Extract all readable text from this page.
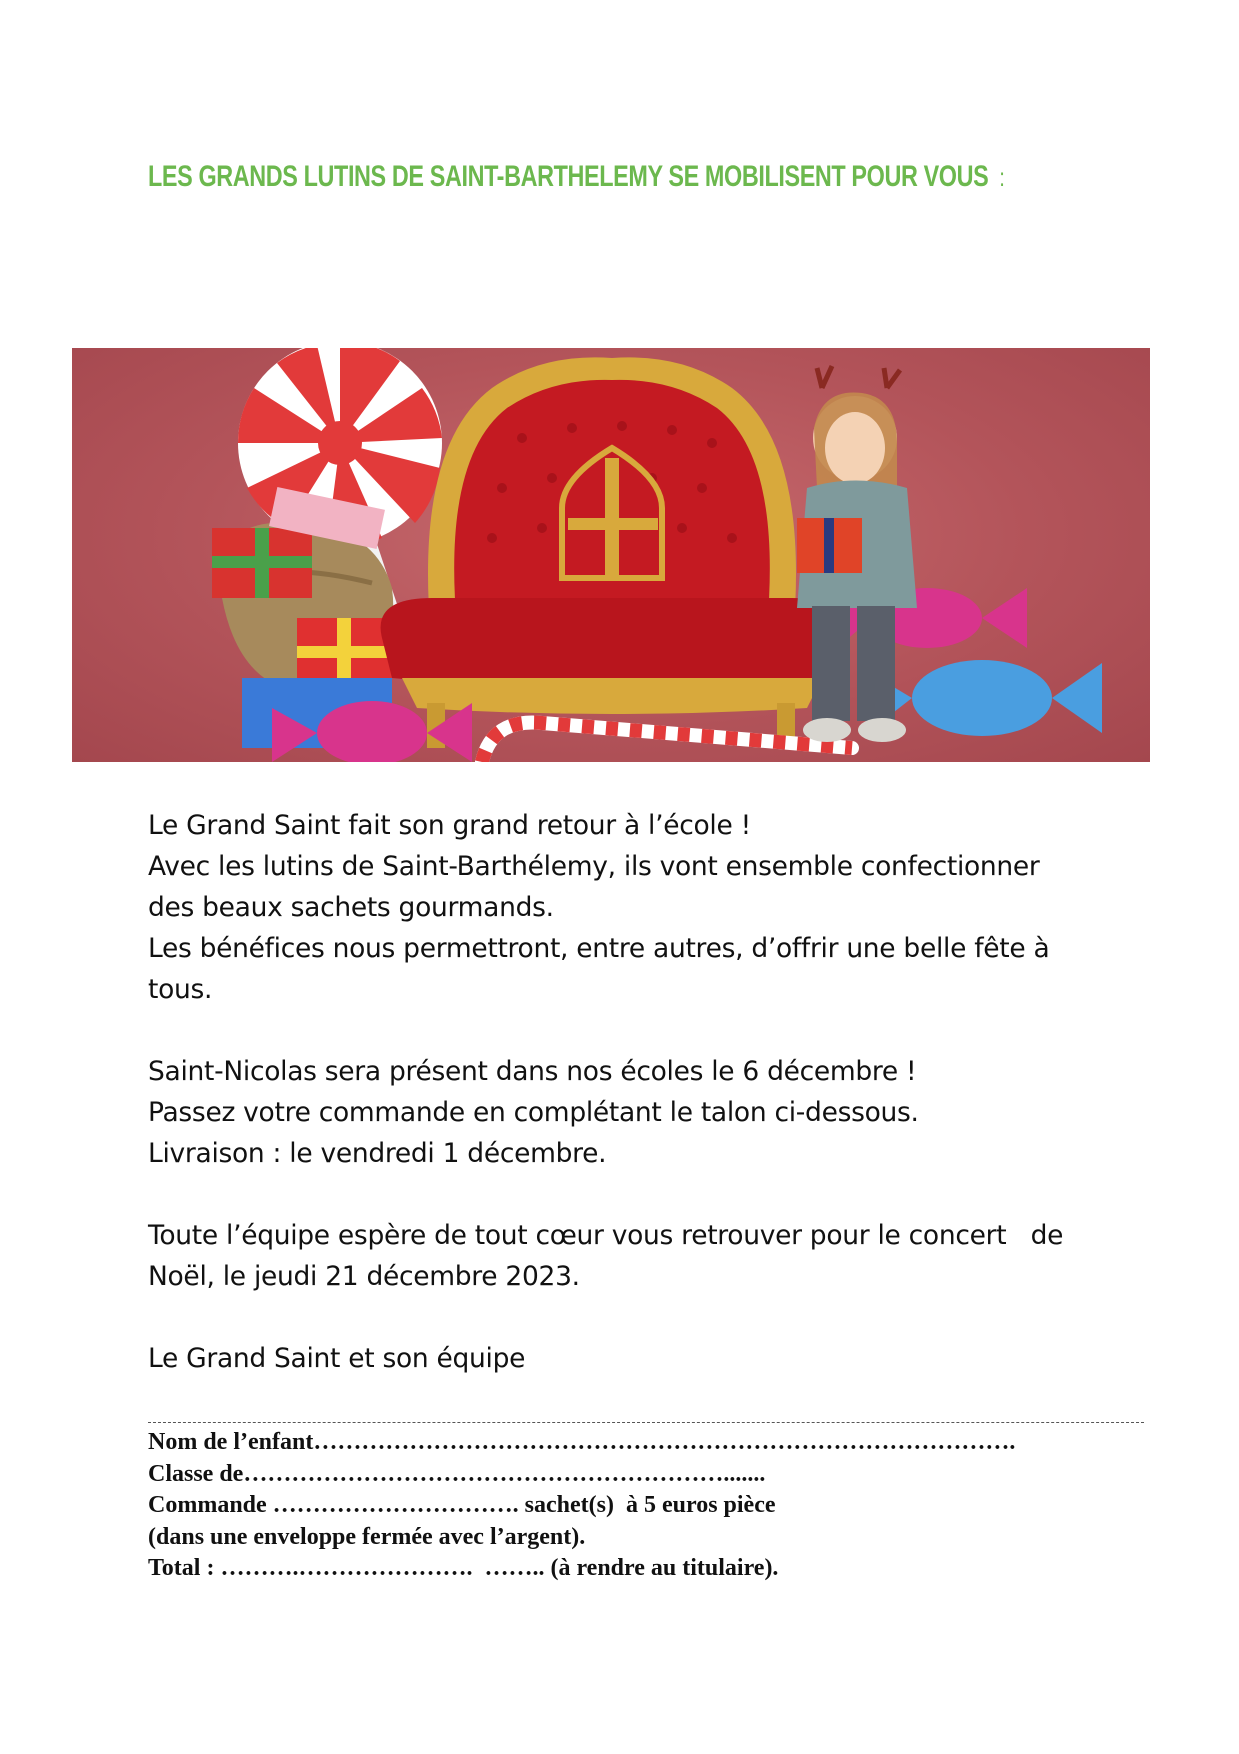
LES GRANDS LUTINS DE SAINT-BARTHELEMY SE MOBILISENT POUR VOUS :

Le Grand Saint fait son grand retour à l’école !

Avec les lutins de Saint-Barthélemy, ils vont ensemble confectionner

des beaux sachets gourmands.

Les bénéfices nous permettront, entre autres, d’offrir une belle fête à

tous.

Saint-Nicolas sera présent dans nos écoles le 6 décembre !

Passez votre commande en complétant le talon ci-dessous.

Livraison : le vendredi 1 décembre.

Toute l’équipe espère de tout cœur vous retrouver pour le concert   de

Noël, le jeudi 21 décembre 2023.

Le Grand Saint et son équipe

Nom de l’enfant…………………………………………………………………………….

Classe de…………………………………………………….......

Commande …………………………. sachet(s)  à 5 euros pièce

(dans une enveloppe fermée avec l’argent).

Total : ……….………………….  …….. (à rendre au titulaire).
